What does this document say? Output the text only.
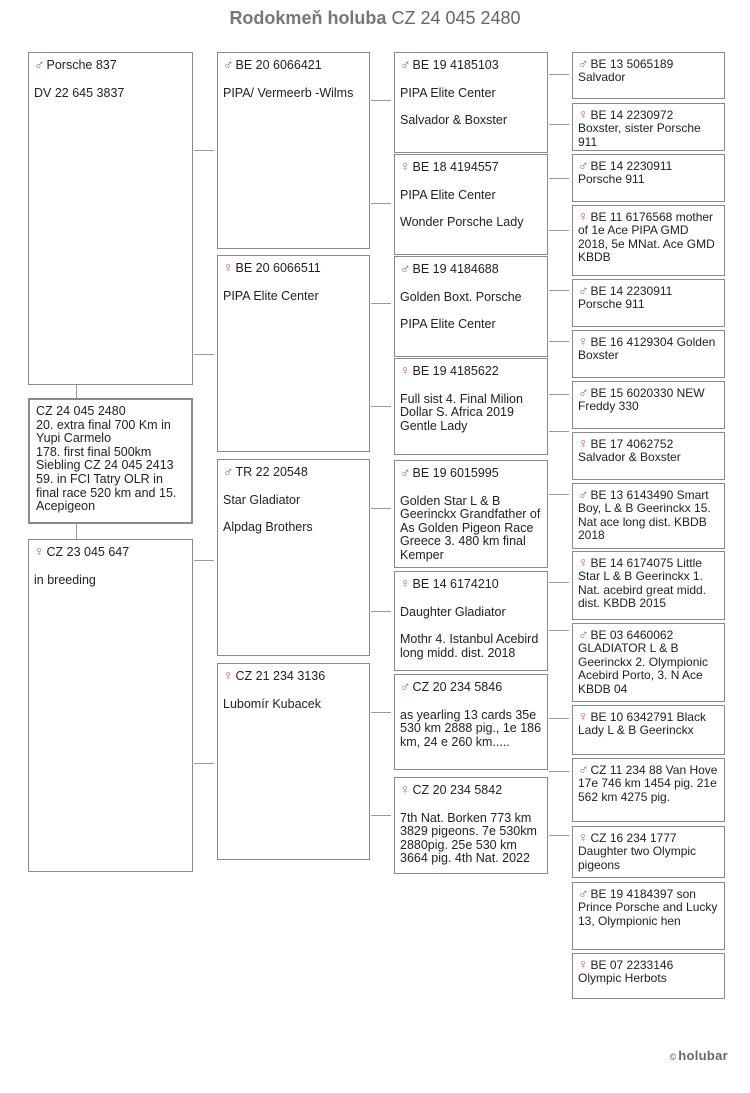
Rodokmeň holuba CZ 24 045 2480
CZ 24 045 2480
20. extra final 700 Km in Yupi Carmelo
178. first final 500km
Siebling CZ 24 045 2413
59. in FCI Tatry OLR in final race 520 km and 15. Acepigeon
♂ Porsche 837
DV 22 645 3837
♀ CZ 23 045 647
in breeding
♂ BE 20 6066421
PIPA/ Vermeerb -Wilms
♀ BE 20 6066511
PIPA Elite Center
♂ TR 22 20548
Star Gladiator
Alpdag Brothers
♀ CZ 21 234 3136
Lubomír Kubacek
♂ BE 19 4185103
PIPA Elite Center
Salvador & Boxster
♀ BE 18 4194557
PIPA Elite Center
Wonder Porsche Lady
♂ BE 19 4184688
Golden Boxt. Porsche
PIPA Elite Center
♀ BE 19 4185622
Full sist 4. Final Milion Dollar S. Africa 2019 Gentle Lady
♂ BE 19 6015995
Golden Star L & B Geerinckx Grandfather of As Golden Pigeon Race Greece 3. 480 km final Kemper
♀ BE 14 6174210
Daughter Gladiator
Mothr 4. Istanbul Acebird long midd. dist. 2018
♂ CZ 20 234 5846
as yearling 13 cards 35e 530 km 2888 pig., 1e 186 km, 24 e 260 km.....
♀ CZ 20 234 5842
7th Nat. Borken 773 km 3829 pigeons. 7e 530km 2880pig. 25e 530 km 3664 pig. 4th Nat. 2022
♂ BE 13 5065189 Salvador
♀ BE 14 2230972 Boxster, sister Porsche 911
♂ BE 14 2230911 Porsche 911
♀ BE 11 6176568 mother of 1e Ace PIPA GMD 2018, 5e MNat. Ace GMD KBDB
♂ BE 14 2230911 Porsche 911
♀ BE 16 4129304 Golden Boxster
♂ BE 15 6020330 NEW Freddy 330
♀ BE 17 4062752 Salvador & Boxster
♂ BE 13 6143490 Smart Boy, L & B Geerinckx 15. Nat ace long dist. KBDB 2018
♀ BE 14 6174075 Little Star L & B Geerinckx 1. Nat. acebird great midd. dist. KBDB 2015
♂ BE 03 6460062 GLADIATOR L & B Geerinckx 2. Olympionic Acebird Porto, 3. N Ace KBDB 04
♀ BE 10 6342791 Black Lady L & B Geerinckx
♂ CZ 11 234 88 Van Hove 17e 746 km 1454 pig. 21e 562 km 4275 pig.
♀ CZ 16 234 1777 Daughter two Olympic pigeons
♂ BE 19 4184397 son Prince Porsche and Lucky 13, Olympionic hen
♀ BE 07 2233146 Olympic Herbots
© holubar
